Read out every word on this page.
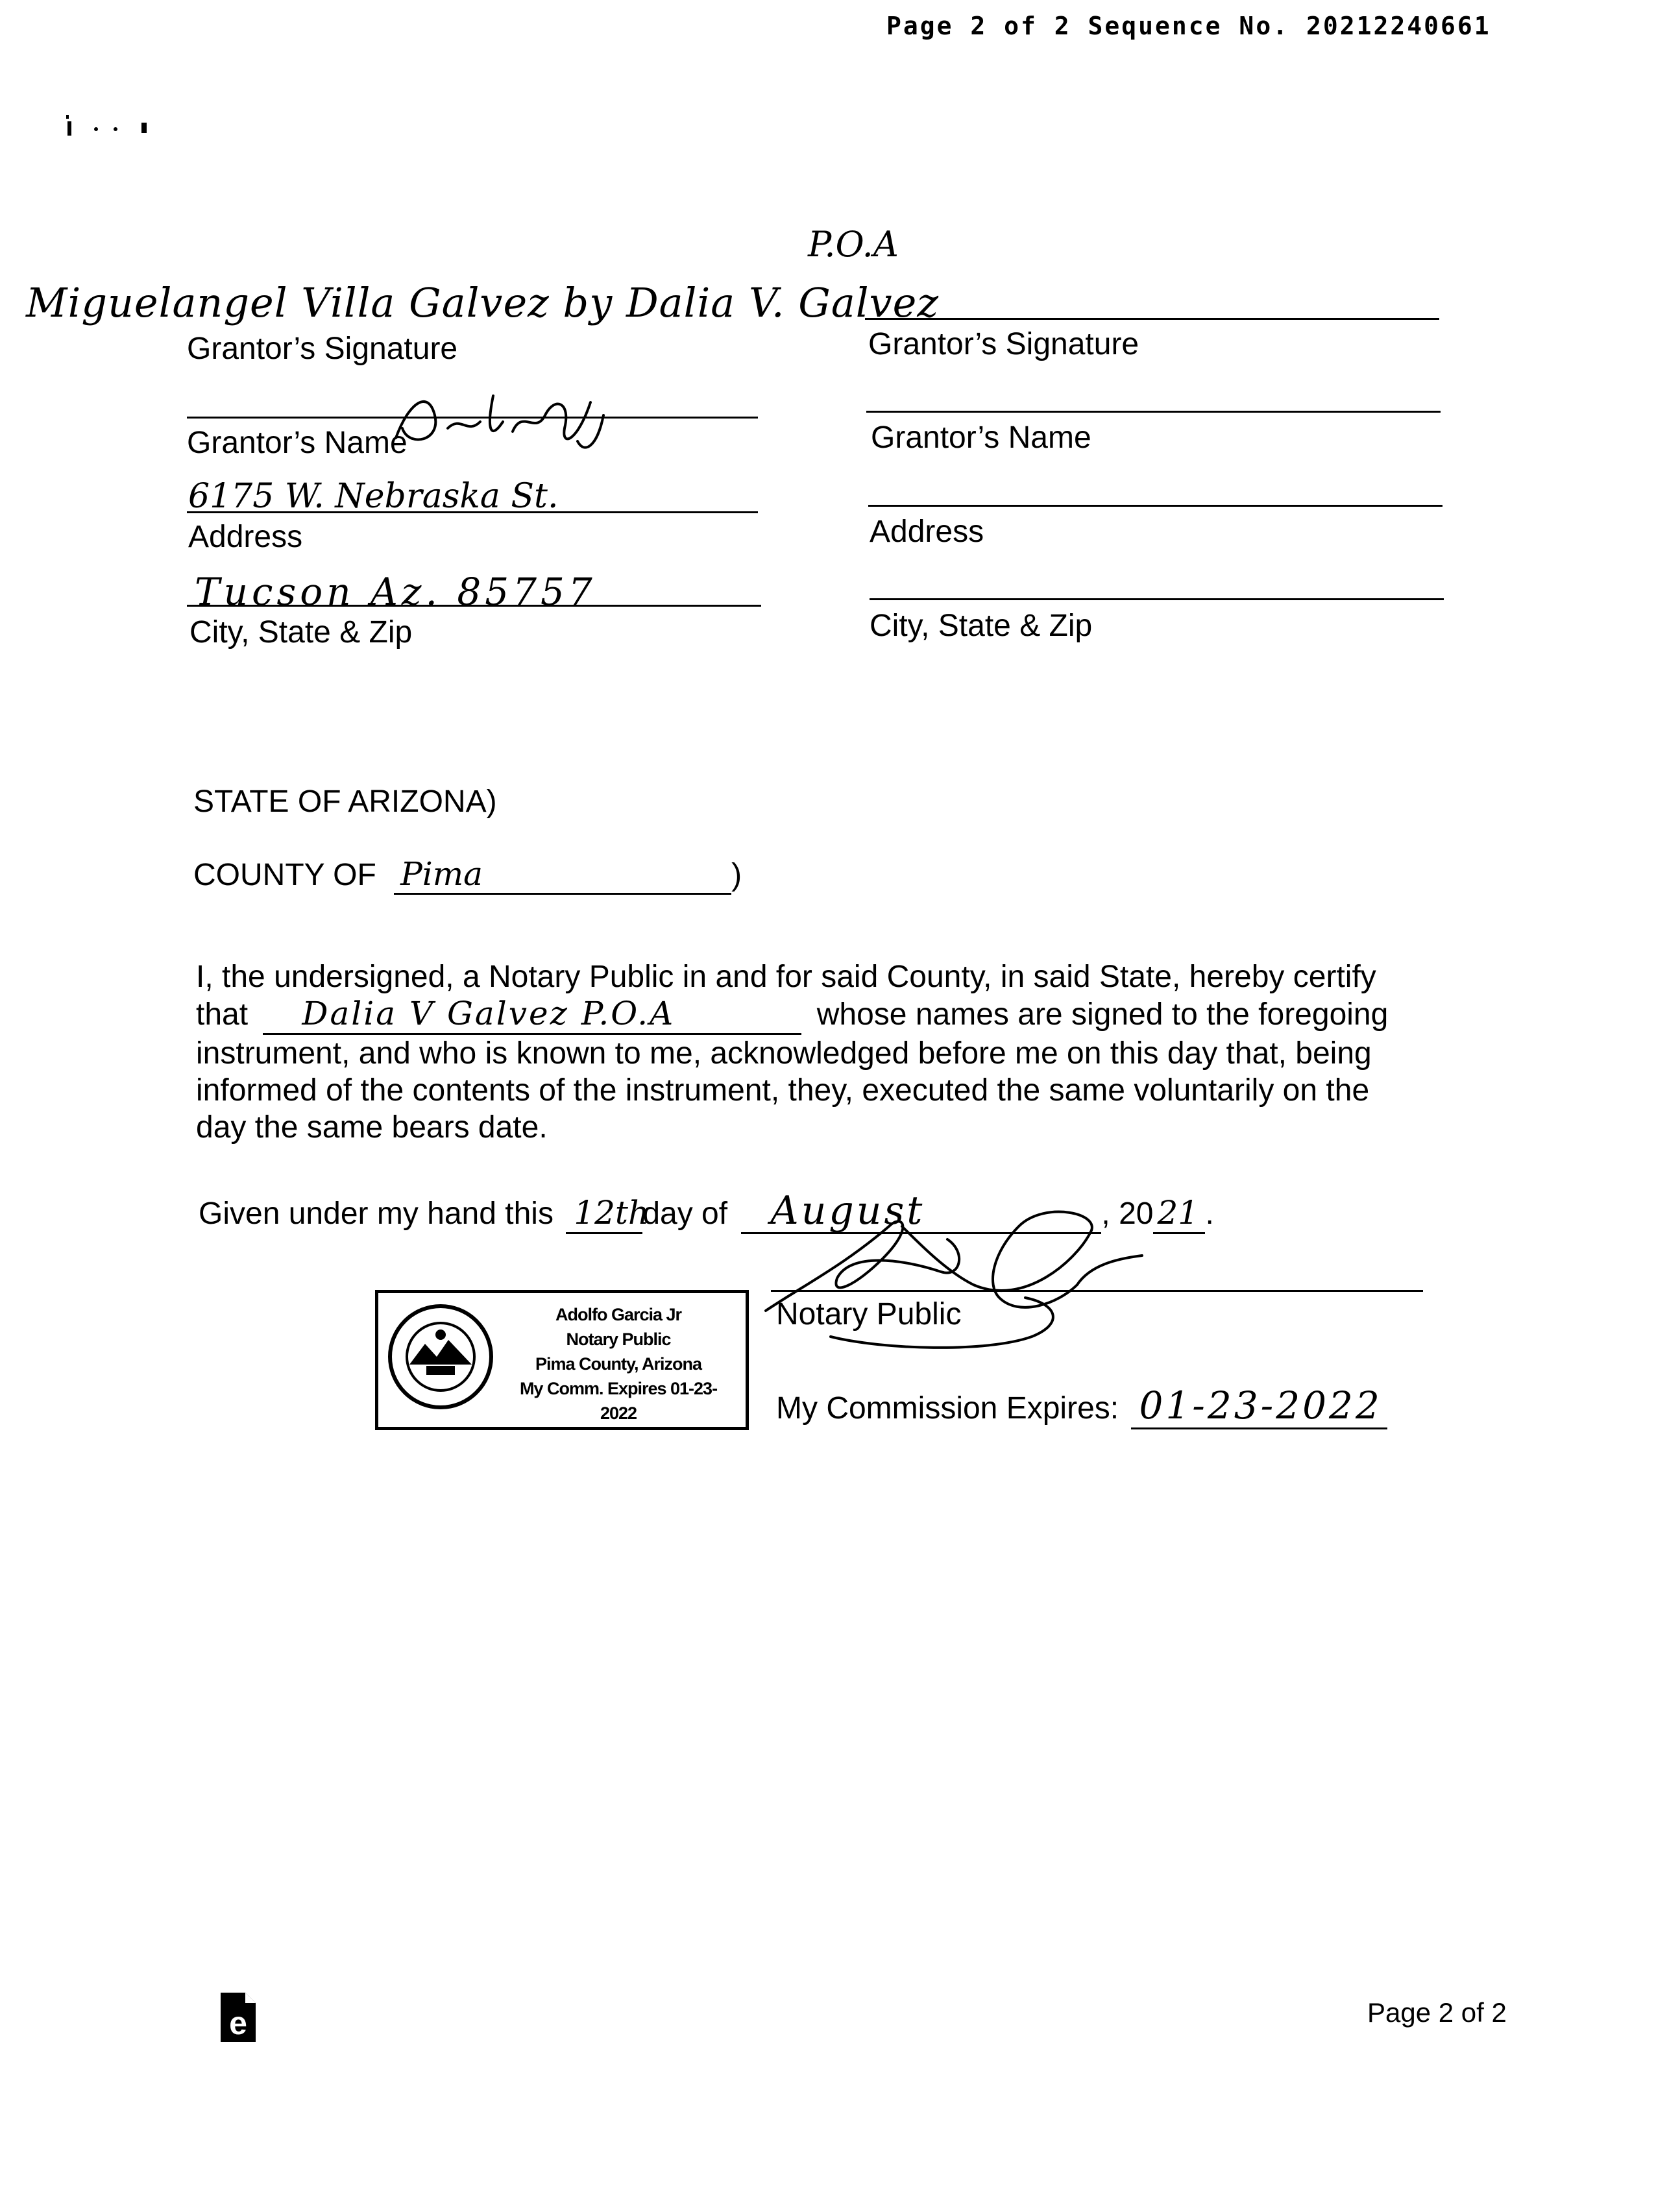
Page 2 of 2 Sequence No. 20212240661
P.O.A
Miguelangel Villa Galvez by Dalia V. Galvez
Grantor’s Signature
Grantor’s Name
6175 W. Nebraska St.
Address
Tucson Az. 85757
City, State & Zip
Grantor’s Signature
Grantor’s Name
Address
City, State & Zip
STATE OF ARIZONA)
COUNTY OF Pima	)
I, the undersigned, a Notary Public in and for said County, in said State, hereby certify
that Dalia V Galvez P.O.A	whose names are signed to the foregoing
instrument, and who is known to me, acknowledged before me on this day that, being
informed of the contents of the instrument, they, executed the same voluntarily on the
day the same bears date.
Given under my hand this 12thday of August	, 20 21 .
Notary Public
My Commission Expires: 01-23-2022
Adolfo Garcia Jr
Notary Public
Pima County, Arizona
My Comm. Expires 01-23-2022
e	Page 2 of 2
